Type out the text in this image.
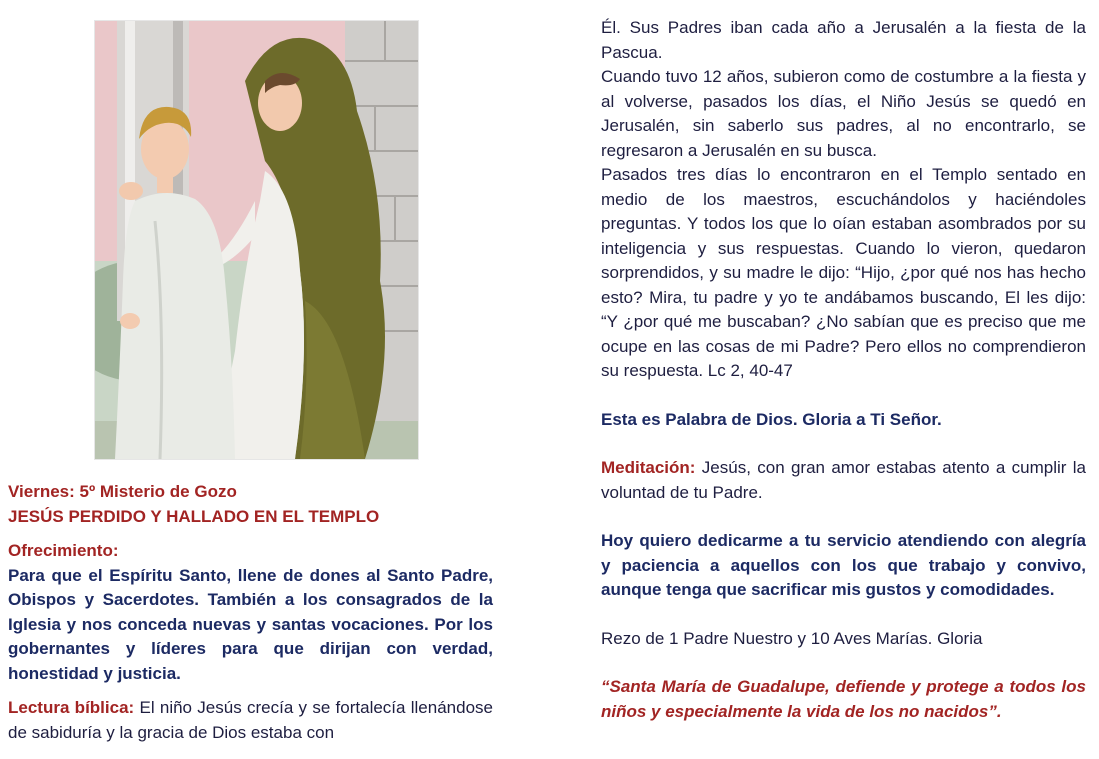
Viernes: 5º Misterio de Gozo
JESÚS PERDIDO Y HALLADO EN EL TEMPLO
Ofrecimiento:

Para que el Espíritu Santo, llene de dones al Santo Padre, Obispos y Sacerdotes. También a los consagrados de la Iglesia y nos conceda nuevas y santas vocaciones. Por los gobernantes y líderes para que dirijan con verdad, honestidad y justicia.

Lectura bíblica: El niño Jesús crecía y se fortalecía llenándose de sabiduría y la gracia de Dios estaba con

Él. Sus Padres iban cada año a Jerusalén a la fiesta de la Pascua.

Cuando tuvo 12 años, subieron como de costumbre a la fiesta y al volverse, pasados los días, el Niño Jesús se quedó en Jerusalén, sin saberlo sus padres, al no encontrarlo, se regresaron a Jerusalén en su busca.

Pasados tres días lo encontraron en el Templo sentado en medio de los maestros, escuchándolos y haciéndoles preguntas. Y todos los que lo oían estaban asombrados por su inteligencia y sus respuestas. Cuando lo vieron, quedaron sorprendidos, y su madre le dijo: “Hijo, ¿por qué nos has hecho esto? Mira, tu padre y yo te andábamos buscando, El les dijo: “Y ¿por qué me buscaban? ¿No sabían que es preciso que me ocupe en las cosas de mi Padre? Pero ellos no comprendieron su respuesta. Lc 2, 40-47

Esta es Palabra de Dios. Gloria a Ti Señor.

Meditación: Jesús, con gran amor estabas atento a cumplir la voluntad de tu Padre.

Hoy quiero dedicarme a tu servicio atendiendo con alegría y paciencia a aquellos con los que trabajo y convivo, aunque tenga que sacrificar mis gustos y comodidades.

Rezo de 1 Padre Nuestro y 10 Aves Marías. Gloria

“Santa María de Guadalupe, defiende y protege a todos los niños y especialmente la vida de los no nacidos”.
